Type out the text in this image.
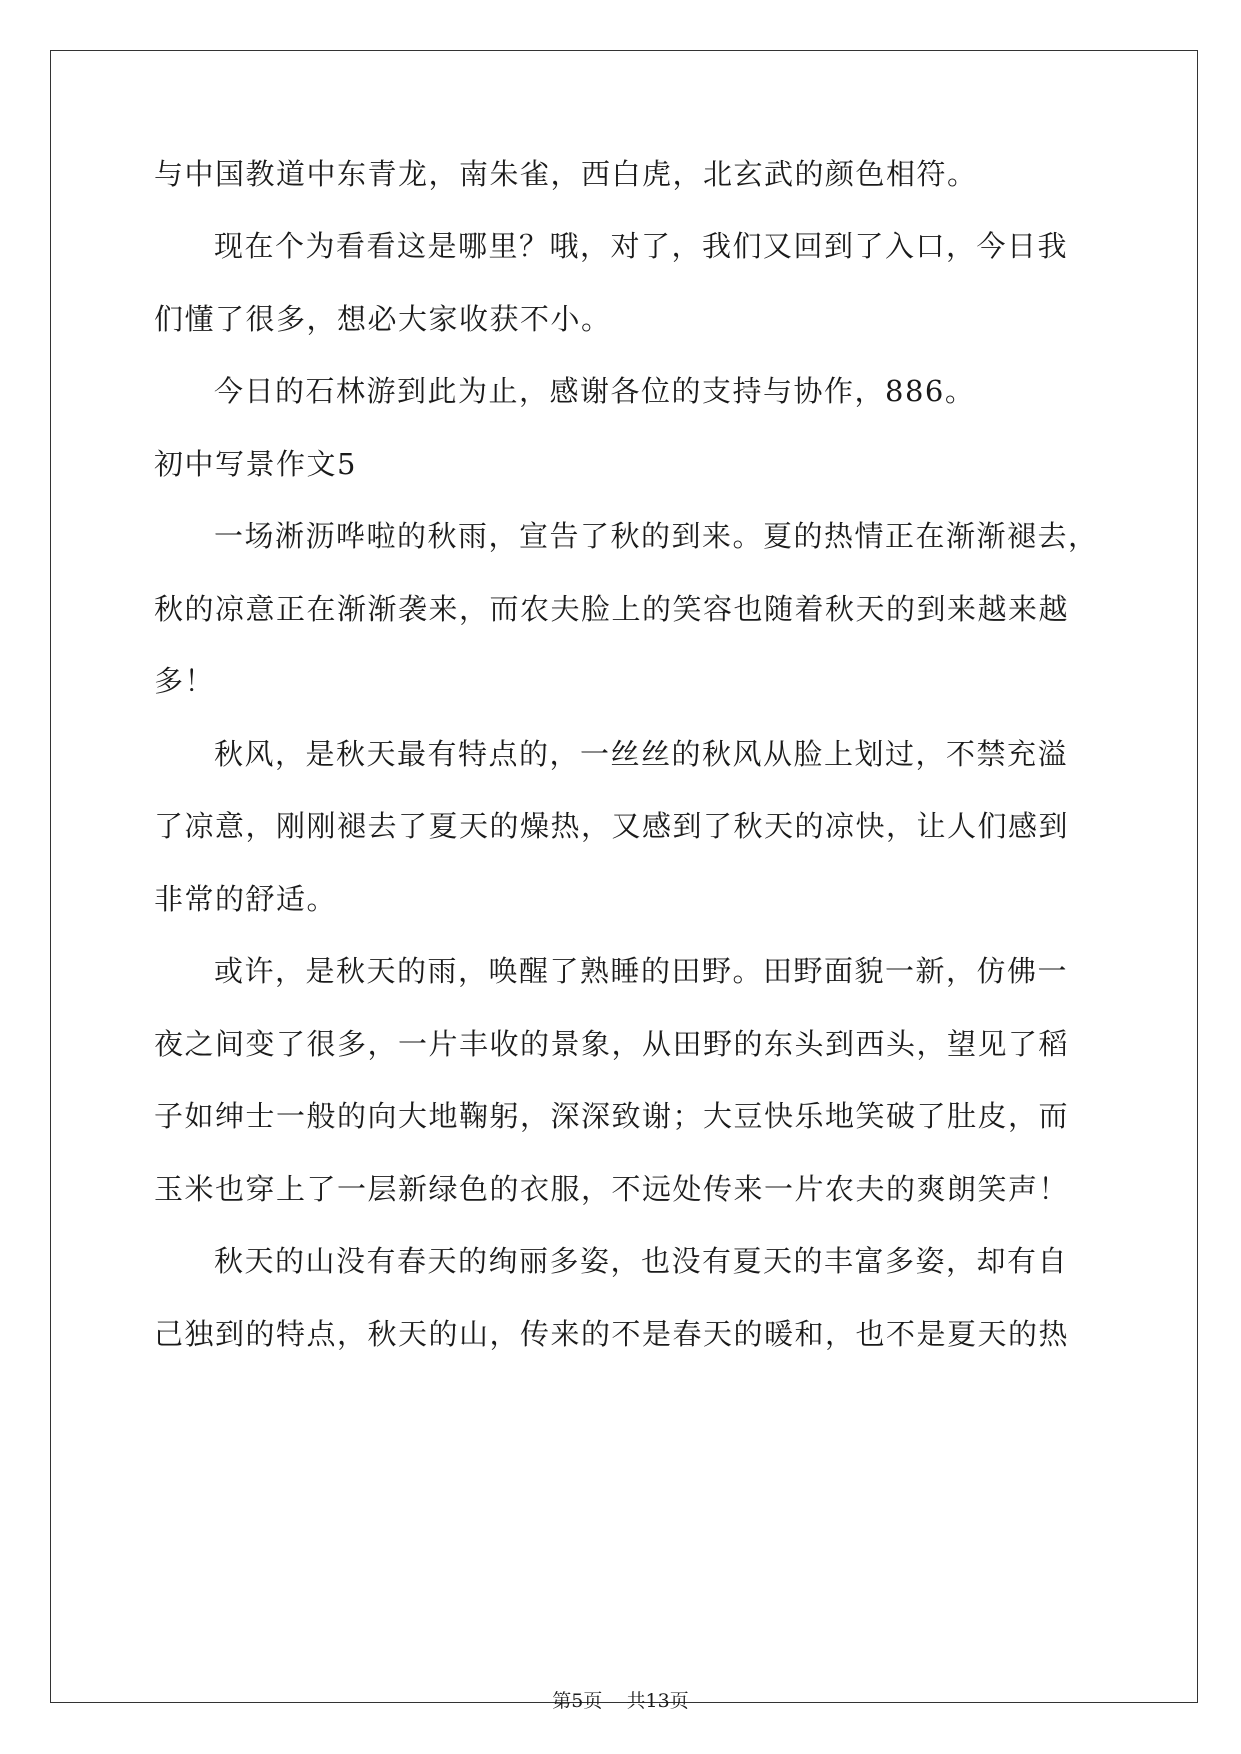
与中国教道中东青龙，南朱雀，西白虎，北玄武的颜色相符。
现在个为看看这是哪里？哦，对了，我们又回到了入口，今日我
们懂了很多，想必大家收获不小。
今日的石林游到此为止，感谢各位的支持与协作，886。
初中写景作文5
一场淅沥哗啦的秋雨，宣告了秋的到来。夏的热情正在渐渐褪去，
秋的凉意正在渐渐袭来，而农夫脸上的笑容也随着秋天的到来越来越
多！
秋风，是秋天最有特点的，一丝丝的秋风从脸上划过，不禁充溢
了凉意，刚刚褪去了夏天的燥热，又感到了秋天的凉快，让人们感到
非常的舒适。
或许，是秋天的雨，唤醒了熟睡的田野。田野面貌一新，仿佛一
夜之间变了很多，一片丰收的景象，从田野的东头到西头，望见了稻
子如绅士一般的向大地鞠躬，深深致谢；大豆快乐地笑破了肚皮，而
玉米也穿上了一层新绿色的衣服，不远处传来一片农夫的爽朗笑声！
秋天的山没有春天的绚丽多姿，也没有夏天的丰富多姿，却有自
己独到的特点，秋天的山，传来的不是春天的暖和，也不是夏天的热
第5页 共13页
